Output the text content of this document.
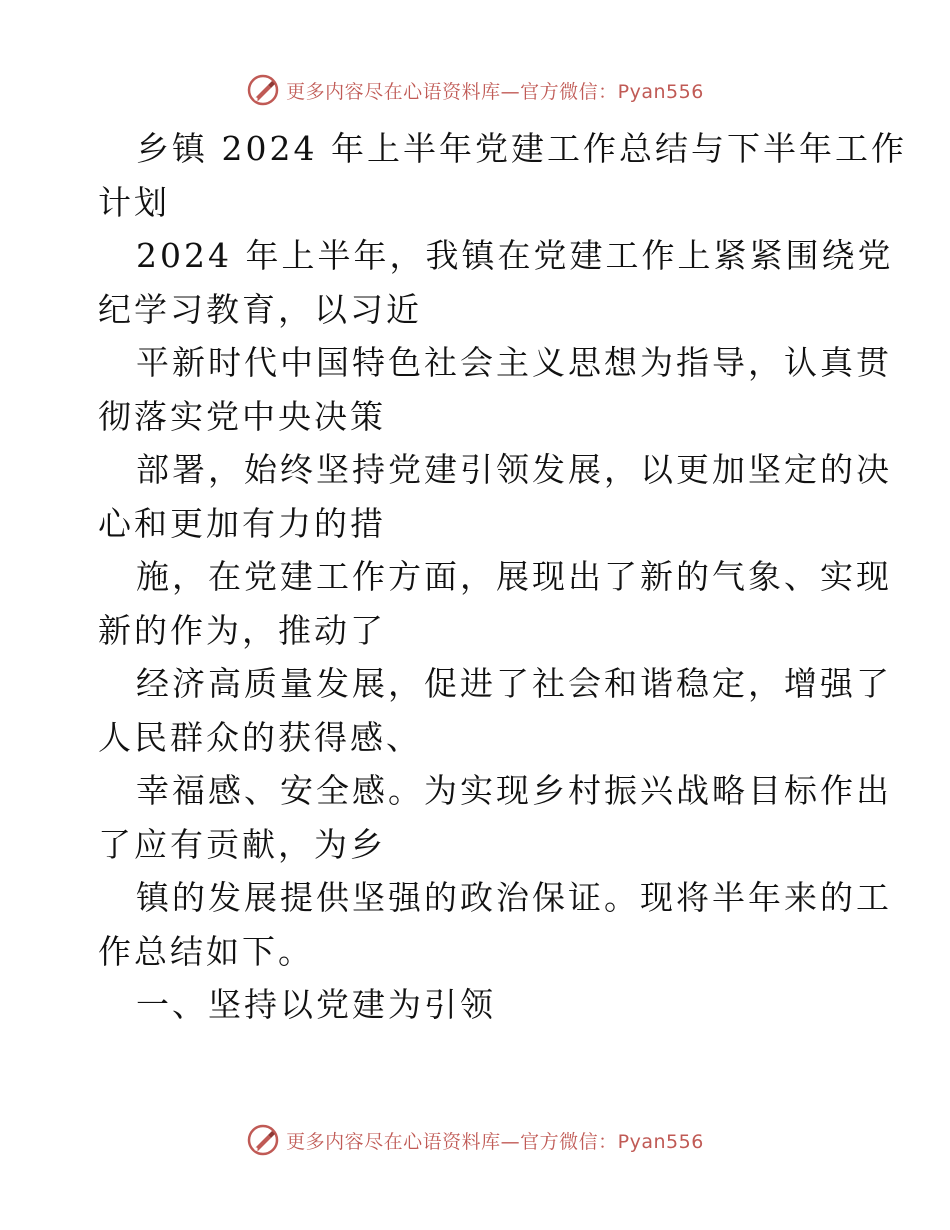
更多内容尽在心语资料库—官方微信：Pyan556
乡镇 2024 年上半年党建工作总结与下半年工作
计划
2024 年上半年，我镇在党建工作上紧紧围绕党
纪学习教育，以习近
平新时代中国特色社会主义思想为指导，认真贯
彻落实党中央决策
部署，始终坚持党建引领发展，以更加坚定的决
心和更加有力的措
施，在党建工作方面，展现出了新的气象、实现
新的作为，推动了
经济高质量发展，促进了社会和谐稳定，增强了
人民群众的获得感、
幸福感、安全感。为实现乡村振兴战略目标作出
了应有贡献，为乡
镇的发展提供坚强的政治保证。现将半年来的工
作总结如下。
一、坚持以党建为引领
更多内容尽在心语资料库—官方微信：Pyan556
